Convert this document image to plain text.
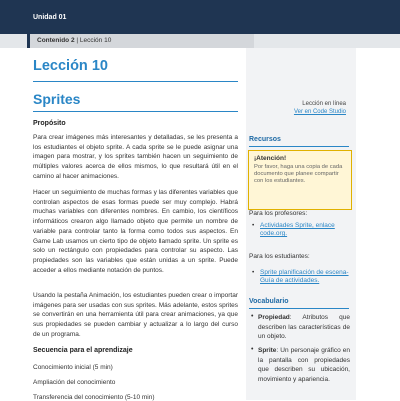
Unidad 01
Contenido 2 | Lección 10
Lección 10
Sprites
Propósito

Para crear imágenes más interesantes y detalladas, se les presenta a los estudiantes el objeto sprite. A cada sprite se le puede asignar una imagen para mostrar, y los sprites también hacen un seguimiento de múltiples valores acerca de ellos mismos, lo que resultará útil en el camino al hacer animaciones.

Hacer un seguimiento de muchas formas y las diferentes variables que controlan aspectos de esas formas puede ser muy complejo. Habrá muchas variables con diferentes nombres. En cambio, los científicos informáticos crearon algo llamado objeto que permite un nombre de variable para controlar tanto la forma como todos sus aspectos. En Game Lab usamos un cierto tipo de objeto llamado sprite. Un sprite es solo un rectángulo con propiedades para controlar su aspecto. Las propiedades son las variables que están unidas a un sprite. Puede acceder a ellos mediante notación de puntos.

Usando la pestaña Animación, los estudiantes pueden crear o importar imágenes para ser usadas con sus sprites. Más adelante, estos sprites se convertirán en una herramienta útil para crear animaciones, ya que sus propiedades se pueden cambiar y actualizar a lo largo del curso de un programa.

Secuencia para el aprendizaje
Conocimiento inicial (5 min)
Ampliación del conocimiento
Transferencia del conocimiento (5-10 min)
Lección en línea
Ver en Code Studio
Recursos
¡Atención!
Por favor, haga una copia de cada documento que planee compartir con los estudiantes.
Para los profesores:
• Actividades Sprite, enlace code.org.
Para los estudiantes:
• Sprite planificación de escena- Guía de actividades.
Vocabulario
• Propiedad: Atributos que describen las características de un objeto.

• Sprite: Un personaje gráfico en la pantalla con propiedades que describen su ubicación, movimiento y apariencia.
